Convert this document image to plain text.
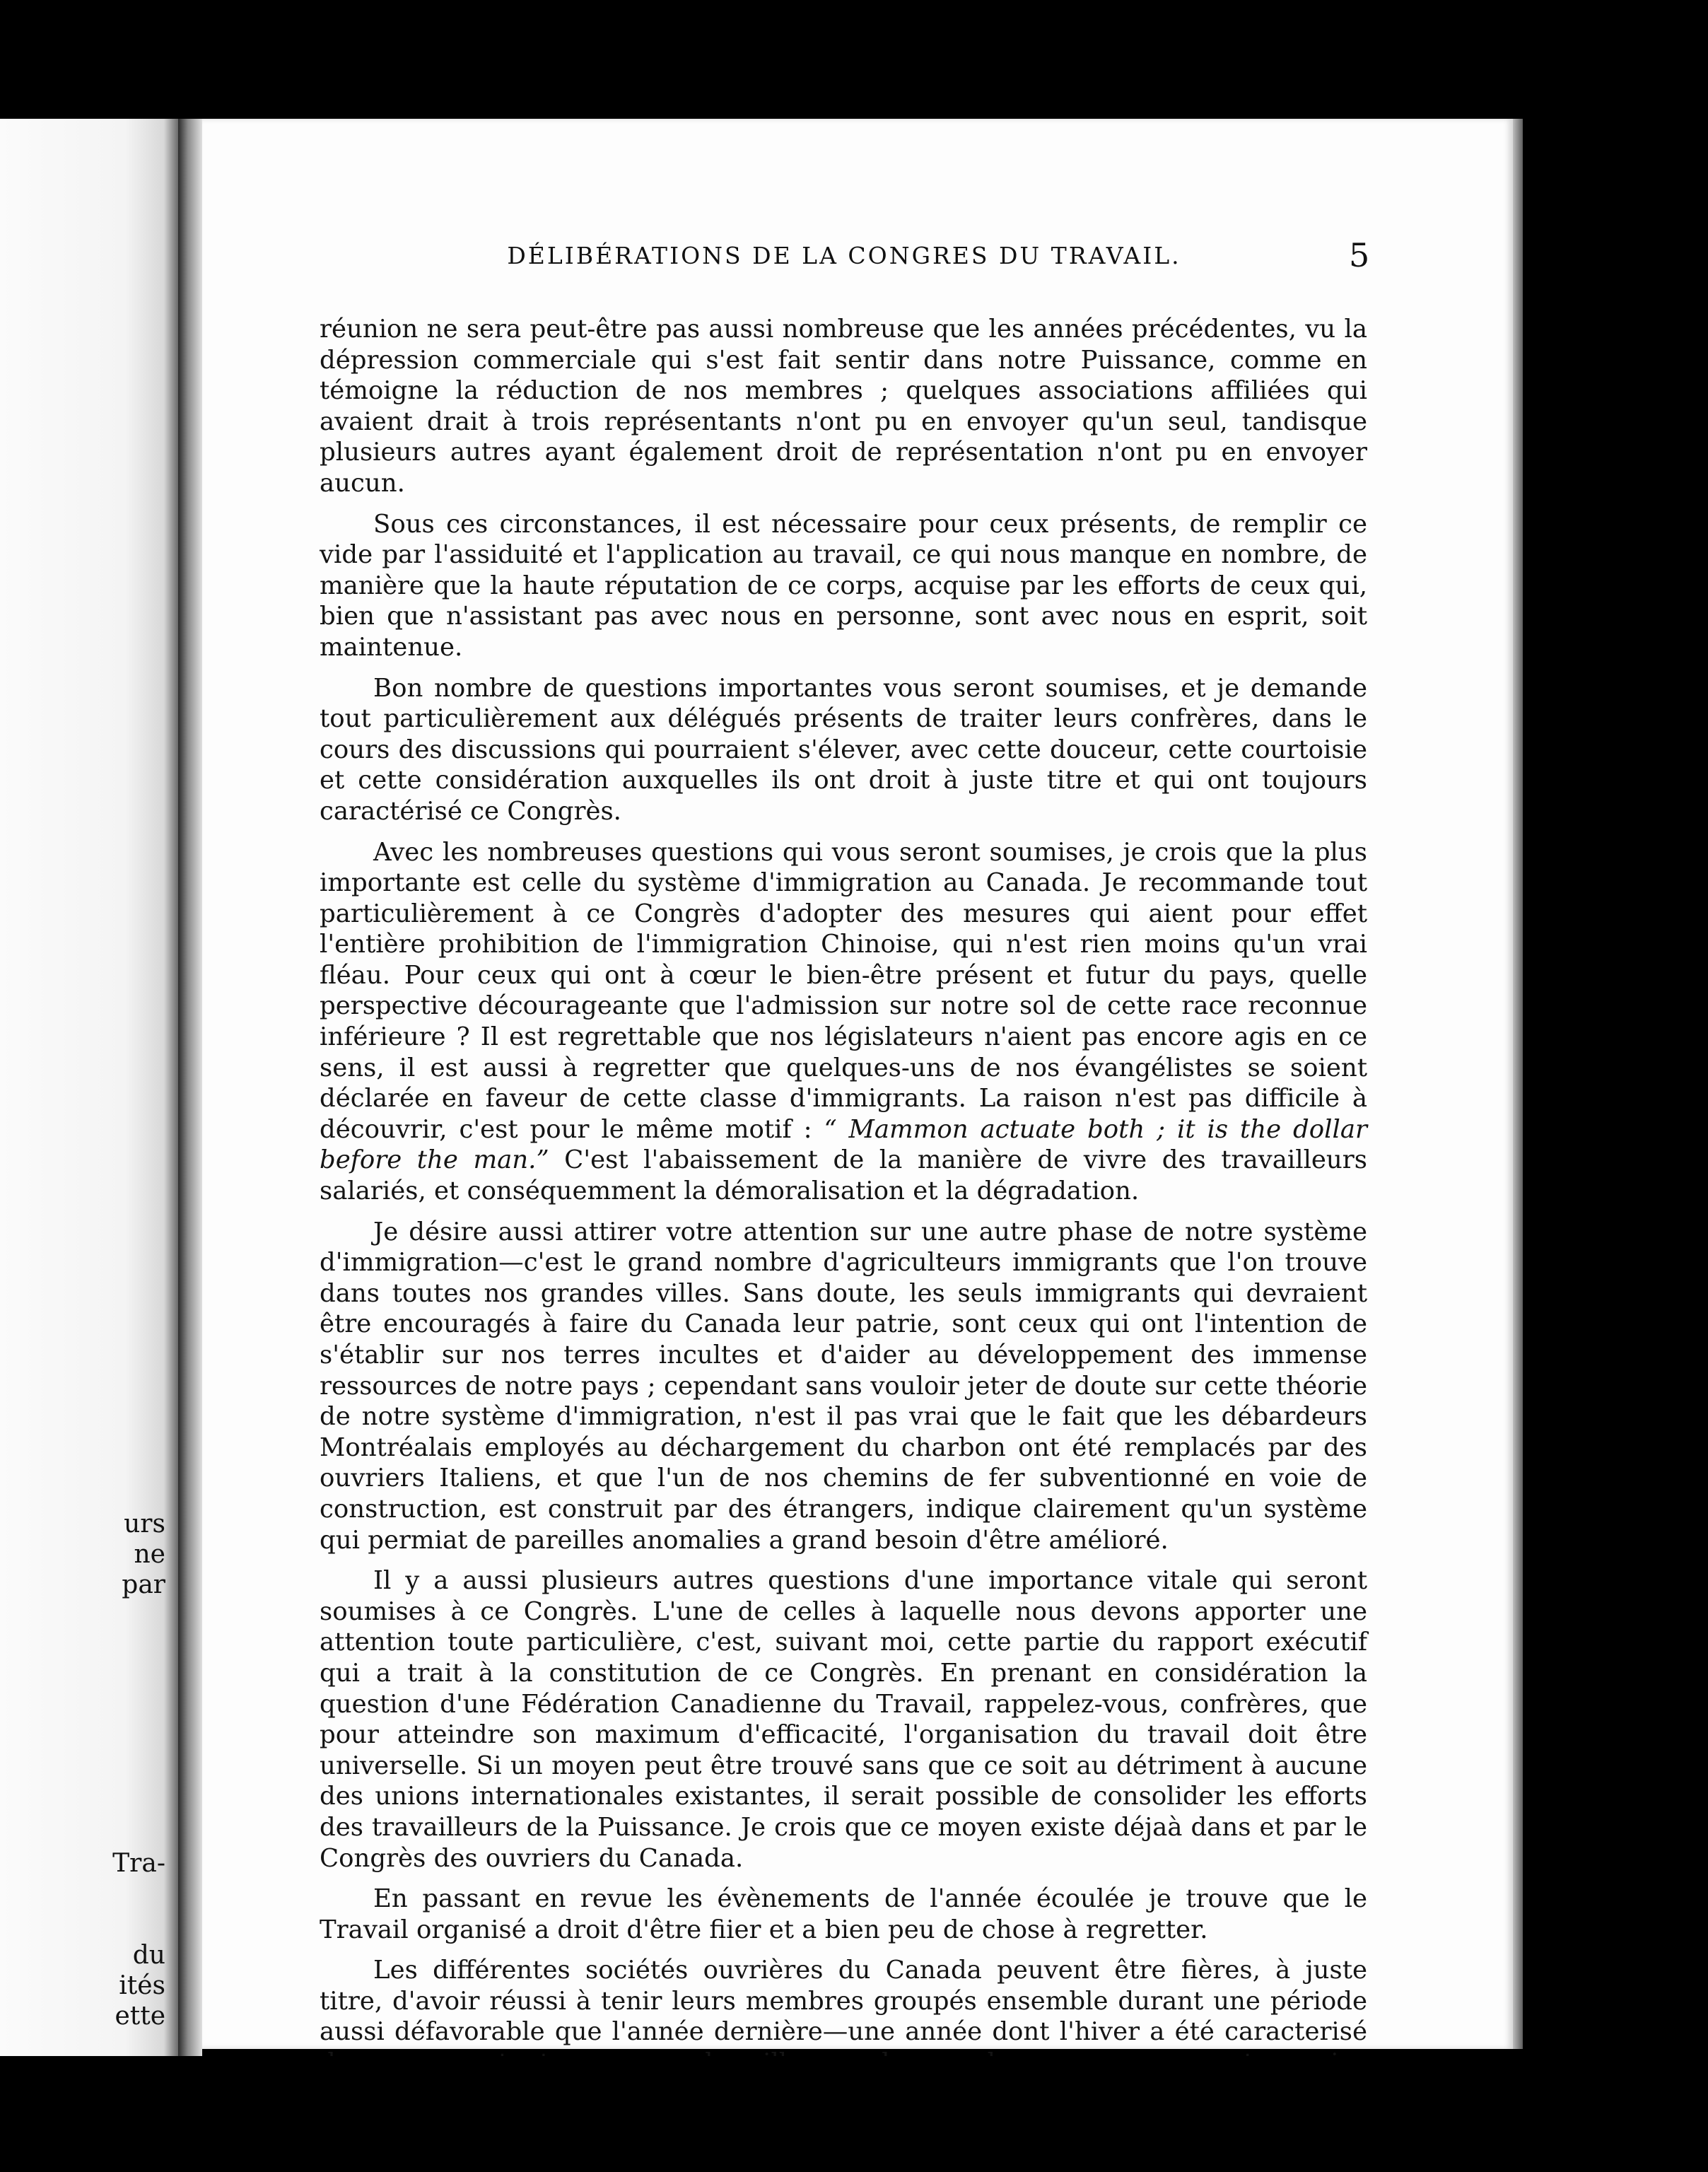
urs
ne
par
Tra-
du
ités
ette
DÉLIBÉRATIONS DE LA CONGRES DU TRAVAIL.	5

réunion ne sera peut-être pas aussi nombreuse que les années précédentes, vu la dépression commerciale qui s'est fait sentir dans notre Puissance, comme en témoigne la réduction de nos membres ; quelques associations affiliées qui avaient drait à trois représentants n'ont pu en envoyer qu'un seul, tandisque plusieurs autres ayant également droit de représentation n'ont pu en envoyer aucun.

Sous ces circonstances, il est nécessaire pour ceux présents, de remplir ce vide par l'assiduité et l'application au travail, ce qui nous manque en nombre, de manière que la haute réputation de ce corps, acquise par les efforts de ceux qui, bien que n'assistant pas avec nous en personne, sont avec nous en esprit, soit maintenue.

Bon nombre de questions importantes vous seront soumises, et je demande tout particulièrement aux délégués présents de traiter leurs confrères, dans le cours des discussions qui pourraient s'élever, avec cette douceur, cette courtoisie et cette considération auxquelles ils ont droit à juste titre et qui ont toujours caractérisé ce Congrès.

Avec les nombreuses questions qui vous seront soumises, je crois que la plus importante est celle du système d'immigration au Canada. Je recommande tout particulièrement à ce Congrès d'adopter des mesures qui aient pour effet l'entière prohibition de l'immigration Chinoise, qui n'est rien moins qu'un vrai fléau. Pour ceux qui ont à cœur le bien-être présent et futur du pays, quelle perspective décourageante que l'admission sur notre sol de cette race reconnue inférieure ? Il est regrettable que nos législateurs n'aient pas encore agis en ce sens, il est aussi à regretter que quelques-uns de nos évangélistes se soient déclarée en faveur de cette classe d'immigrants. La raison n'est pas difficile à découvrir, c'est pour le même motif : “ Mammon actuate both ; it is the dollar before the man.” C'est l'abaissement de la manière de vivre des travailleurs salariés, et conséquemment la démoralisation et la dégradation.

Je désire aussi attirer votre attention sur une autre phase de notre système d'immigration—c'est le grand nombre d'agriculteurs immigrants que l'on trouve dans toutes nos grandes villes. Sans doute, les seuls immigrants qui devraient être encouragés à faire du Canada leur patrie, sont ceux qui ont l'intention de s'établir sur nos terres incultes et d'aider au développement des immense ressources de notre pays ; cependant sans vouloir jeter de doute sur cette théorie de notre système d'immigration, n'est il pas vrai que le fait que les débardeurs Montréalais employés au déchargement du charbon ont été remplacés par des ouvriers Italiens, et que l'un de nos chemins de fer subventionné en voie de construction, est construit par des étrangers, indique clairement qu'un système qui permiat de pareilles anomalies a grand besoin d'être amélioré.

Il y a aussi plusieurs autres questions d'une importance vitale qui seront soumises à ce Congrès. L'une de celles à laquelle nous devons apporter une attention toute particulière, c'est, suivant moi, cette partie du rapport exécutif qui a trait à la constitution de ce Congrès. En prenant en considération la question d'une Fédération Canadienne du Travail, rappelez-vous, confrères, que pour atteindre son maximum d'efficacité, l'organisation du travail doit être universelle. Si un moyen peut être trouvé sans que ce soit au détriment à aucune des unions internationales existantes, il serait possible de consolider les efforts des travailleurs de la Puissance. Je crois que ce moyen existe déjaà dans et par le Congrès des ouvriers du Canada.

En passant en revue les évènements de l'année écoulée je trouve que le Travail organisé a droit d'être fiier et a bien peu de chose à regretter.

Les différentes sociétés ouvrières du Canada peuvent être fières, à juste titre, d'avoir réussi à tenir leurs membres groupés ensemble durant une période aussi défavorable que l'année dernière—une année dont l'hiver a été caracterisé
